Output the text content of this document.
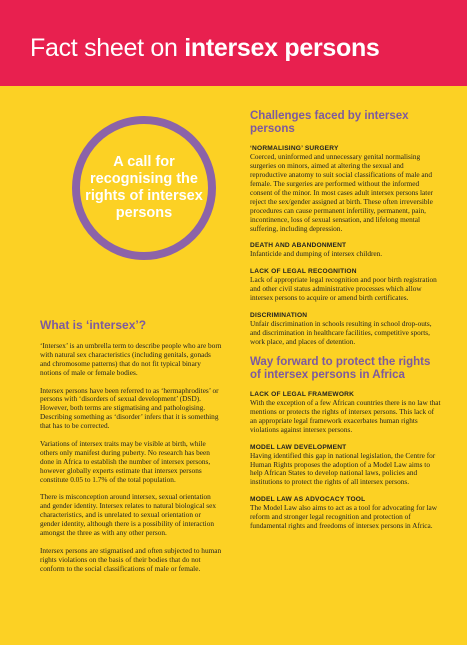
Fact sheet on intersex persons
A call for recognising the rights of intersex persons
What is ‘intersex’?

‘Intersex’ is an umbrella term to describe people who are born with natural sex characteristics (including genitals, gonads and chromosome patterns) that do not fit typical binary notions of male or female bodies.

Intersex persons have been referred to as ‘hermaphrodites’ or persons with ‘disorders of sexual development’ (DSD). However, both terms are stigmatising and pathologising. Describing something as ‘disorder’ infers that it is something that has to be corrected.

Variations of intersex traits may be visible at birth, while others only manifest during puberty. No research has been done in Africa to establish the number of intersex persons, however globally experts estimate that intersex persons constitute 0.05 to 1.7% of the total population.

There is misconception around intersex, sexual orientation and gender identity. Intersex relates to natural biological sex characteristics, and is unrelated to sexual orientation or gender identity, although there is a possibility of interaction amongst the three as with any other person.

Intersex persons are stigmatised and often subjected to human rights violations on the basis of their bodies that do not conform to the social classifications of male or female.

Challenges faced by intersex persons
‘NORMALISING’ SURGERY

Coerced, uninformed and unnecessary genital normalising surgeries on minors, aimed at altering the sexual and reproductive anatomy to suit social classifications of male and female. The surgeries are performed without the informed consent of the minor. In most cases adult intersex persons later reject the sex/gender assigned at birth. These often irreversible procedures can cause permanent infertility, permanent, pain, incontinence, loss of sexual sensation, and lifelong mental suffering, including depression.

DEATH AND ABANDONMENT

Infanticide and dumping of intersex children.

LACK OF LEGAL RECOGNITION

Lack of appropriate legal recognition and poor birth registration and other civil status administrative processes which allow intersex persons to acquire or amend birth certificates.

DISCRIMINATION

Unfair discrimination in schools resulting in school drop-outs, and discrimination in healthcare facilities, competitive sports, work place, and places of detention.

Way forward to protect the rights of intersex persons in Africa
LACK OF LEGAL FRAMEWORK

With the exception of a few African countries there is no law that mentions or protects the rights of intersex persons. This lack of an appropriate legal framework exacerbates human rights violations against intersex persons.

MODEL LAW DEVELOPMENT

Having identified this gap in national legislation, the Centre for Human Rights proposes the adoption of a Model Law aims to help African States to develop national laws, policies and institutions to protect the rights of all intersex persons.

MODEL LAW AS ADVOCACY TOOL

The Model Law also aims to act as a tool for advocating for law reform and stronger legal recognition and protection of fundamental rights and freedoms of intersex persons in Africa.
